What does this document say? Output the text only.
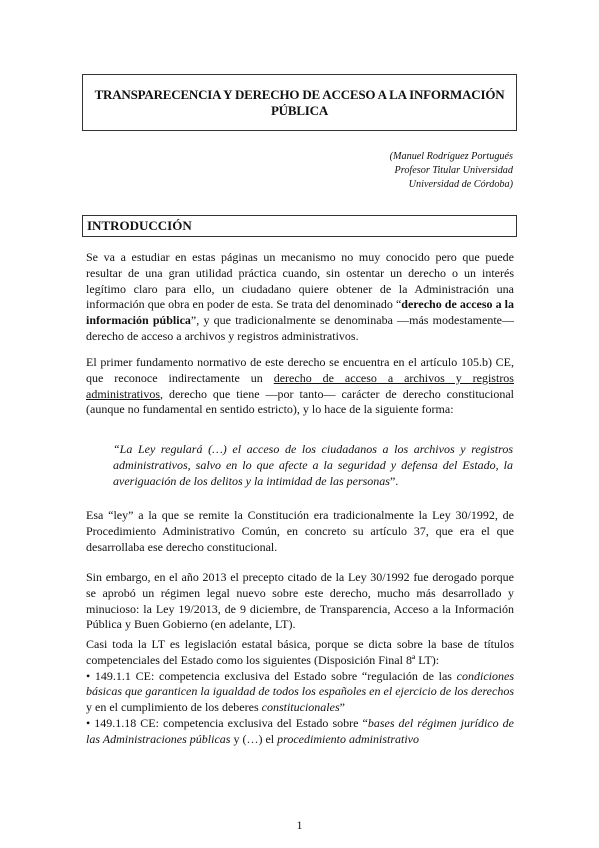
TRANSPARECENCIA Y DERECHO DE ACCESO A LA INFORMACIÓN PÚBLICA
(Manuel Rodríguez Portugués
Profesor Titular Universidad
Universidad de Córdoba)
INTRODUCCIÓN

Se va a estudiar en estas páginas un mecanismo no muy conocido pero que puede resultar de una gran utilidad práctica cuando, sin ostentar un derecho o un interés legítimo claro para ello, un ciudadano quiere obtener de la Administración una información que obra en poder de esta. Se trata del denominado “derecho de acceso a la información pública”, y que tradicionalmente se denominaba —más modestamente— derecho de acceso a archivos y registros administrativos.

El primer fundamento normativo de este derecho se encuentra en el artículo 105.b) CE, que reconoce indirectamente un derecho de acceso a archivos y registros administrativos, derecho que tiene —por tanto— carácter de derecho constitucional (aunque no fundamental en sentido estricto), y lo hace de la siguiente forma:

“La Ley regulará (…) el acceso de los ciudadanos a los archivos y registros administrativos, salvo en lo que afecte a la seguridad y defensa del Estado, la averiguación de los delitos y la intimidad de las personas”.

Esa “ley” a la que se remite la Constitución era tradicionalmente la Ley 30/1992, de Procedimiento Administrativo Común, en concreto su artículo 37, que era el que desarrollaba ese derecho constitucional.

Sin embargo, en el año 2013 el precepto citado de la Ley 30/1992 fue derogado porque se aprobó un régimen legal nuevo sobre este derecho, mucho más desarrollado y minucioso: la Ley 19/2013, de 9 diciembre, de Transparencia, Acceso a la Información Pública y Buen Gobierno (en adelante, LT).

Casi toda la LT es legislación estatal básica, porque se dicta sobre la base de títulos competenciales del Estado como los siguientes (Disposición Final 8ª LT):

• 149.1.1 CE: competencia exclusiva del Estado sobre “regulación de las condiciones básicas que garanticen la igualdad de todos los españoles en el ejercicio de los derechos y en el cumplimiento de los deberes constitucionales”

• 149.1.18 CE: competencia exclusiva del Estado sobre “bases del régimen jurídico de las Administraciones públicas y (…) el procedimiento administrativo

1
